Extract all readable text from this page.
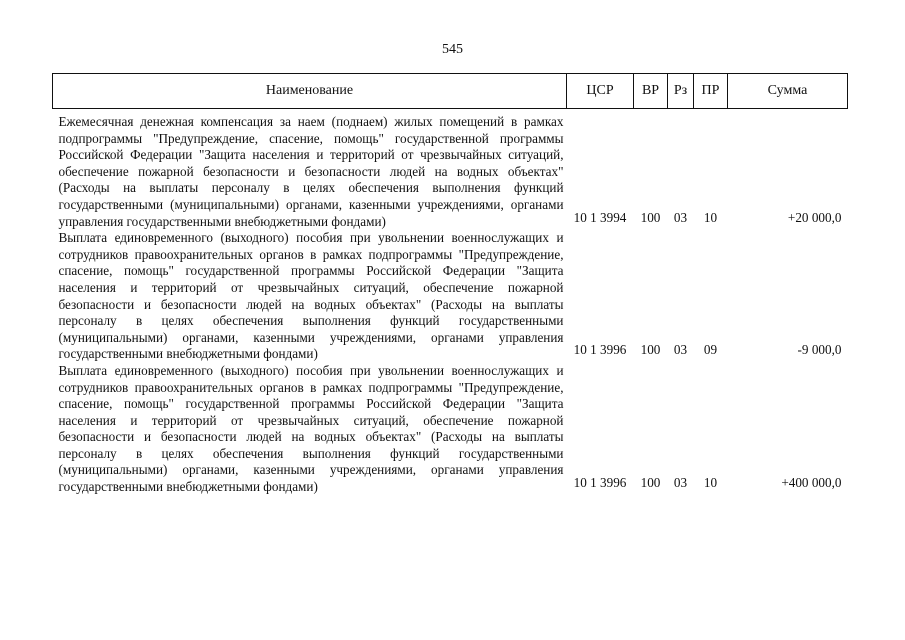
545
Наименование	ЦСР	ВР	Рз	ПР	Сумма
Ежемесячная денежная компенсация за наем (поднаем) жилых помещений в рамках подпрограммы "Предупреждение, спасение, помощь" государственной программы Российской Федерации "Защита населения и территорий от чрезвычайных ситуаций, обеспечение пожарной безопасности и безопасности людей на водных объектах" (Расходы на выплаты персоналу в целях обеспечения выполнения функций государственными (муниципальными) органами, казенными учреждениями, органами управления государственными внебюджетными фондами)	10 1 3994	100	03	10	+20 000,0
Выплата единовременного (выходного) пособия при увольнении военнослужащих и сотрудников правоохранительных органов в рамках подпрограммы "Предупреждение, спасение, помощь" государственной программы Российской Федерации "Защита населения и территорий от чрезвычайных ситуаций, обеспечение пожарной безопасности и безопасности людей на водных объектах" (Расходы на выплаты персоналу в целях обеспечения выполнения функций государственными (муниципальными) органами, казенными учреждениями, органами управления государственными внебюджетными фондами)	10 1 3996	100	03	09	-9 000,0
Выплата единовременного (выходного) пособия при увольнении военнослужащих и сотрудников правоохранительных органов в рамках подпрограммы "Предупреждение, спасение, помощь" государственной программы Российской Федерации "Защита населения и территорий от чрезвычайных ситуаций, обеспечение пожарной безопасности и безопасности людей на водных объектах" (Расходы на выплаты персоналу в целях обеспечения выполнения функций государственными (муниципальными) органами, казенными учреждениями, органами управления государственными внебюджетными фондами)	10 1 3996	100	03	10	+400 000,0
